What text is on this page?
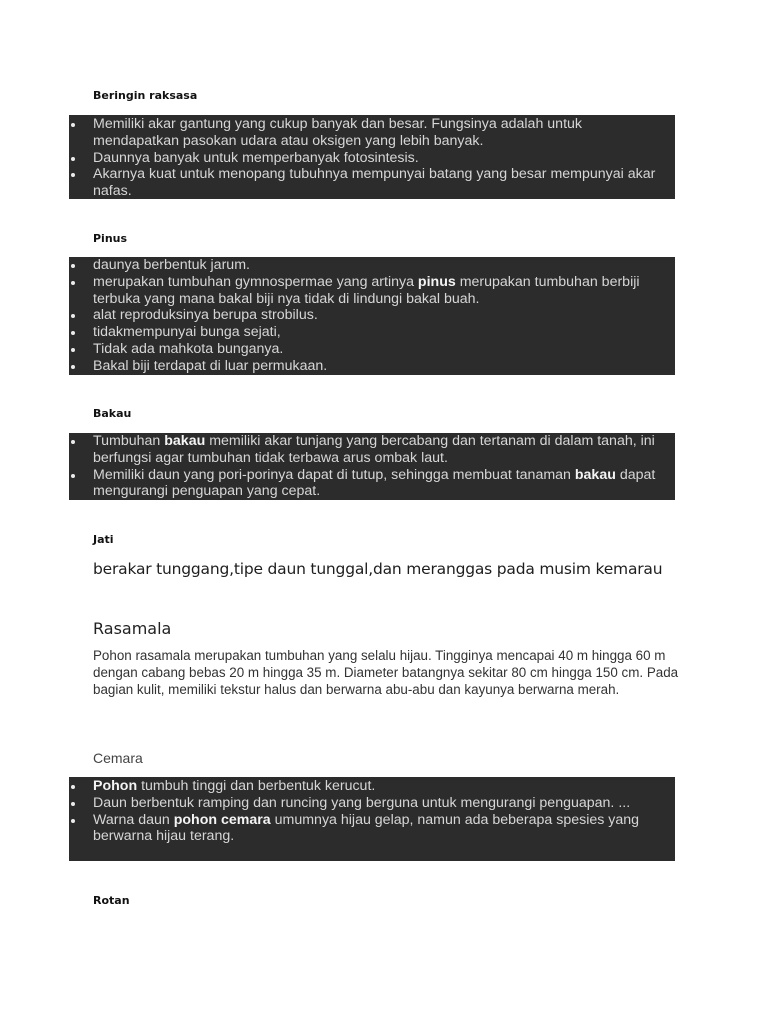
Beringin raksasa
Memiliki akar gantung yang cukup banyak dan besar. Fungsinya adalah untuk mendapatkan pasokan udara atau oksigen yang lebih banyak.
Daunnya banyak untuk memperbanyak fotosintesis.
Akarnya kuat untuk menopang tubuhnya mempunyai batang yang besar mempunyai akar nafas.
Pinus
daunya berbentuk jarum.
merupakan tumbuhan gymnospermae yang artinya pinus merupakan tumbuhan berbiji terbuka yang mana bakal biji nya tidak di lindungi bakal buah.
alat reproduksinya berupa strobilus.
tidakmempunyai bunga sejati,
Tidak ada mahkota bunganya.
Bakal biji terdapat di luar permukaan.
Bakau
Tumbuhan bakau memiliki akar tunjang yang bercabang dan tertanam di dalam tanah, ini berfungsi agar tumbuhan tidak terbawa arus ombak laut.
Memiliki daun yang pori-porinya dapat di tutup, sehingga membuat tanaman bakau dapat mengurangi penguapan yang cepat.
Jati

berakar tunggang,tipe daun tunggal,dan meranggas pada musim kemarau

Rasamala

Pohon rasamala merupakan tumbuhan yang selalu hijau. Tingginya mencapai 40 m hingga 60 m dengan cabang bebas 20 m hingga 35 m. Diameter batangnya sekitar 80 cm hingga 150 cm. Pada bagian kulit, memiliki tekstur halus dan berwarna abu-abu dan kayunya berwarna merah.

Cemara
Pohon tumbuh tinggi dan berbentuk kerucut.
Daun berbentuk ramping dan runcing yang berguna untuk mengurangi penguapan. ...
Warna daun pohon cemara umumnya hijau gelap, namun ada beberapa spesies yang berwarna hijau terang.
Rotan
